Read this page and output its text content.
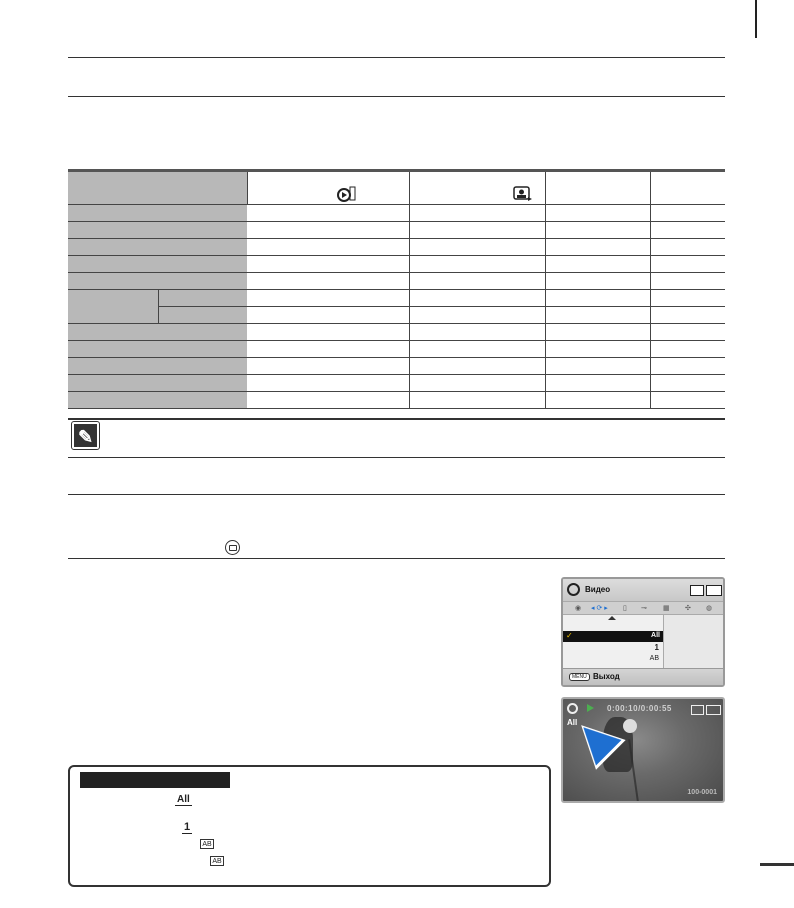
✎
Видео
◉ ◂ ⟳ ▸ ▯ ⊸ ▦ ✣ ◍
✓	All
1
AB
MENU Выход
0:00:10/0:00:55
All
100-0001
All
1
AB
AB
